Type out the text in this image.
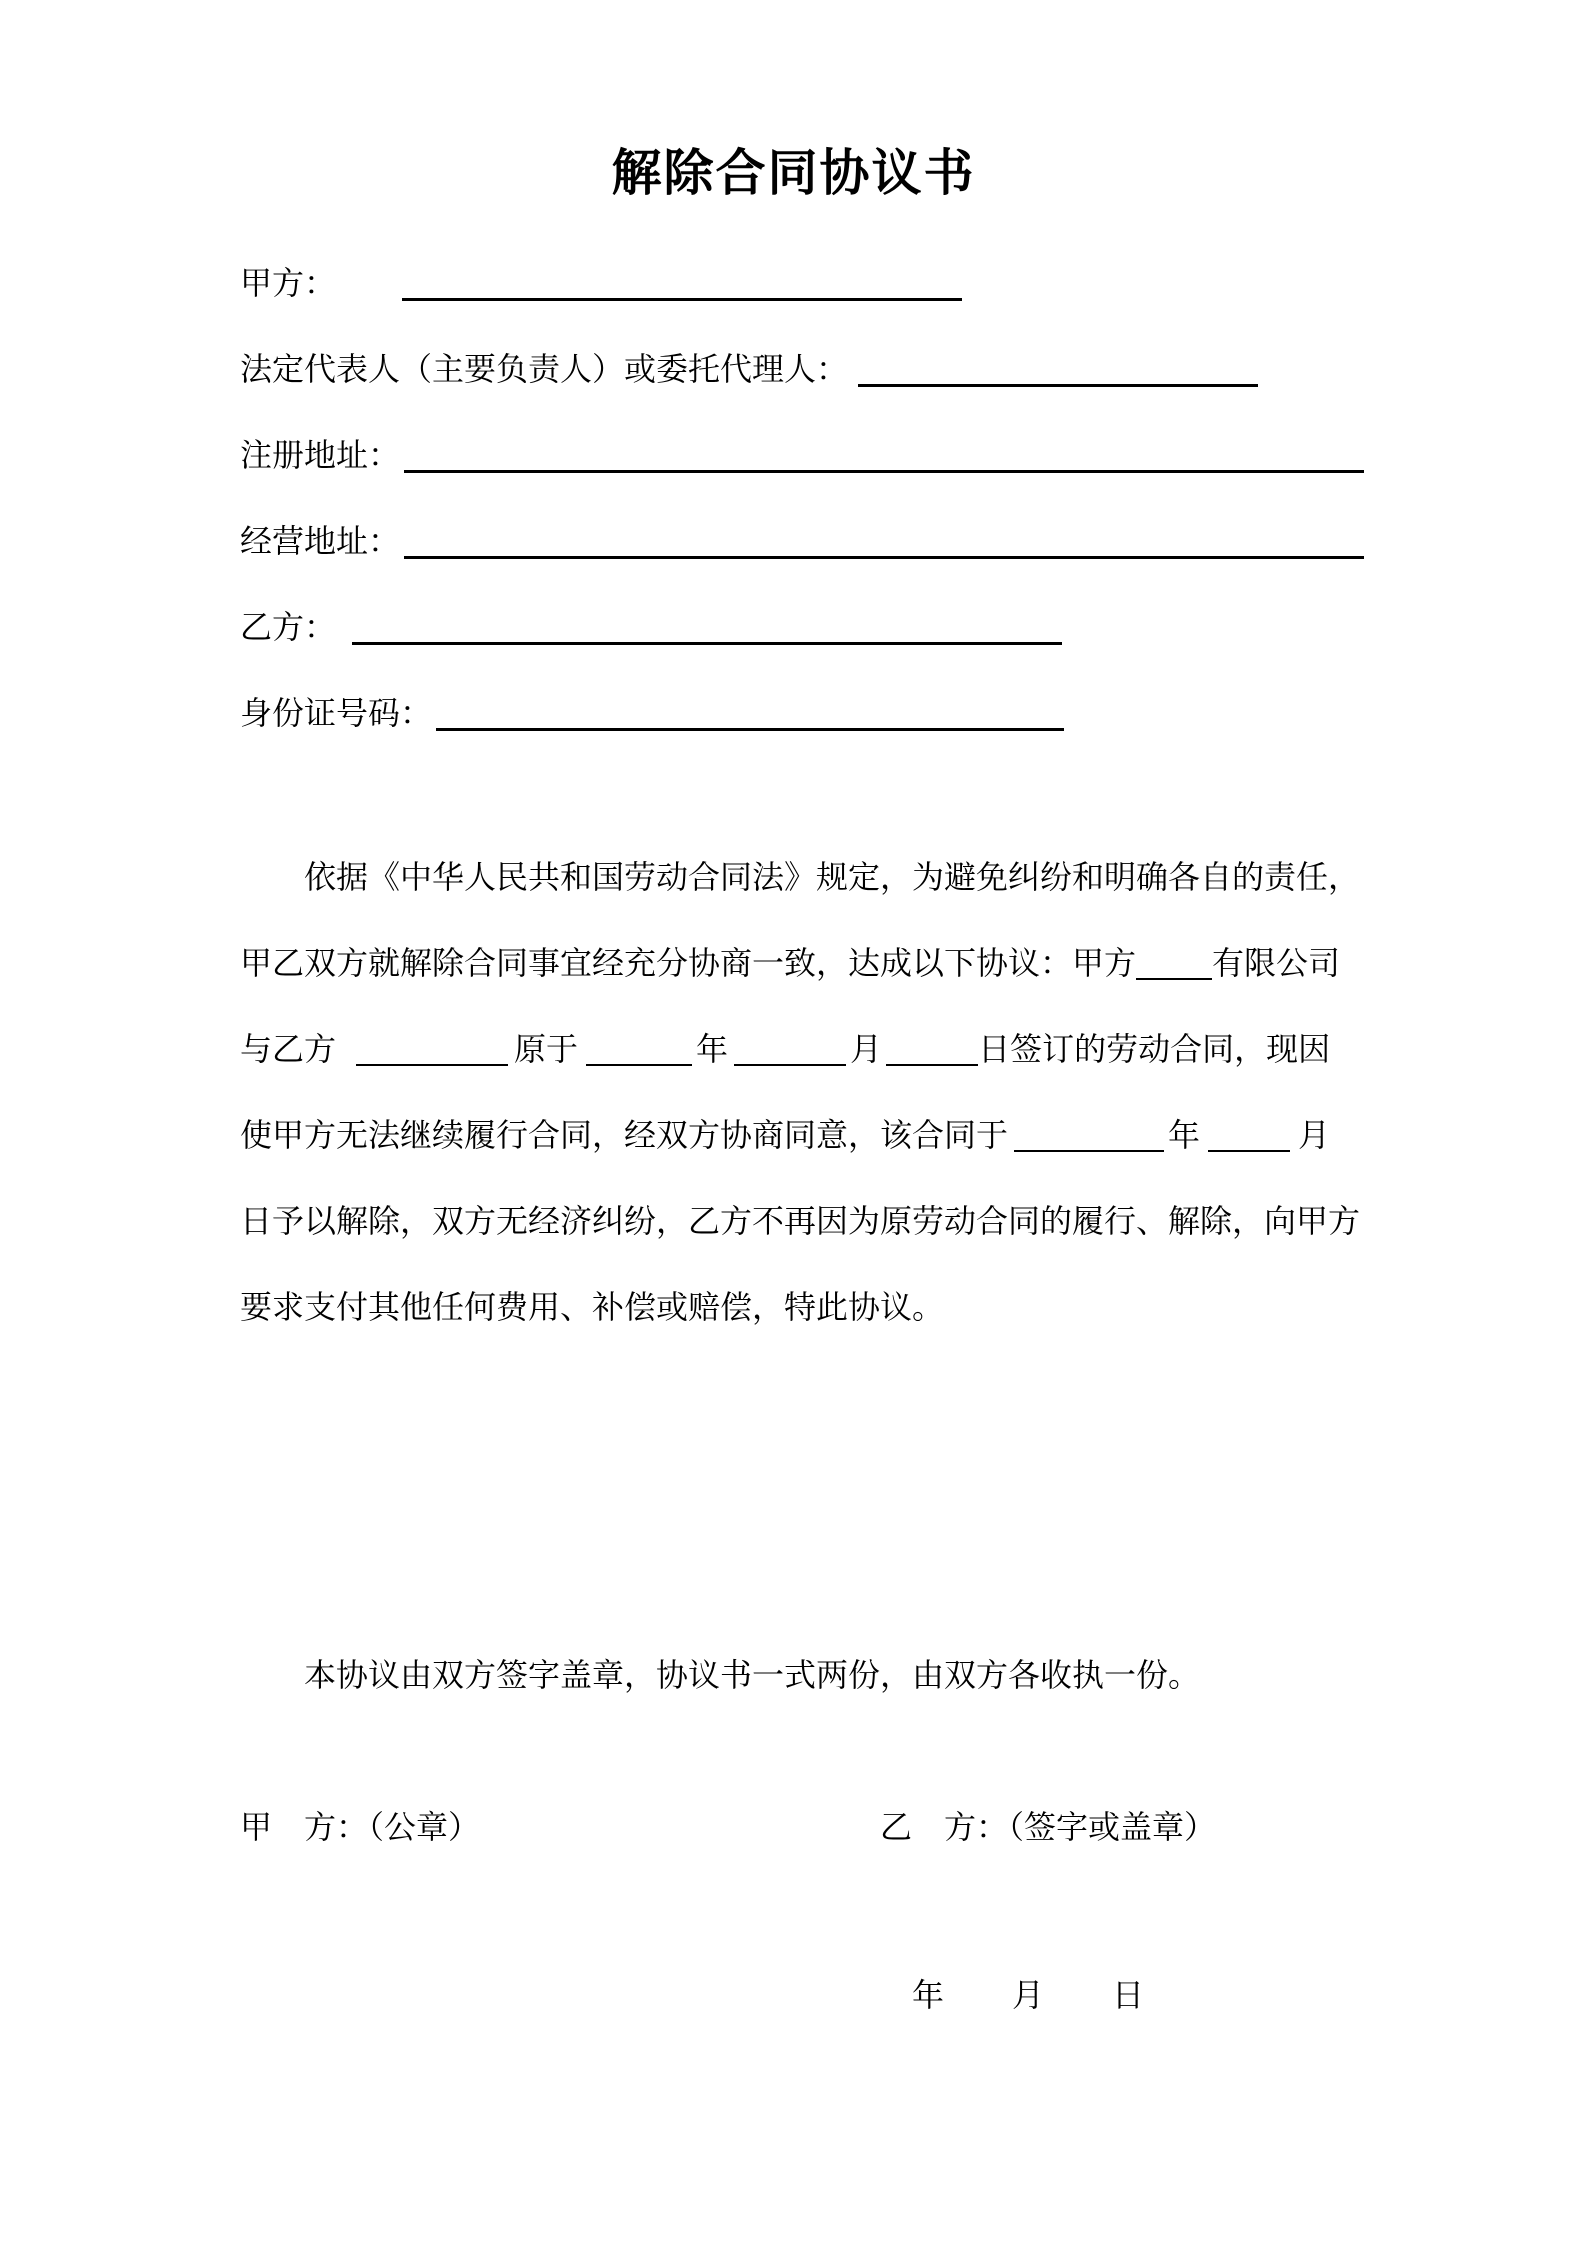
解除合同协议书
甲方：
法定代表人（主要负责人）或委托代理人：
注册地址：
经营地址：
乙方：
身份证号码：
依据《中华人民共和国劳动合同法》规定，为避免纠纷和明确各自的责任，
甲乙双方就解除合同事宜经充分协商一致，达成以下协议：甲方 有限公司
与乙方	原于	年	月	日签订的劳动合同，现因
使甲方无法继续履行合同，经双方协商同意，该合同于	年	月
日予以解除，双方无经济纠纷，乙方不再因为原劳动合同的履行、解除，向甲方
要求支付其他任何费用、补偿或赔偿，特此协议。
本协议由双方签字盖章，协议书一式两份，由双方各收执一份。
甲　方：（公章）	乙　方：（签字或盖章）
年 月 日
